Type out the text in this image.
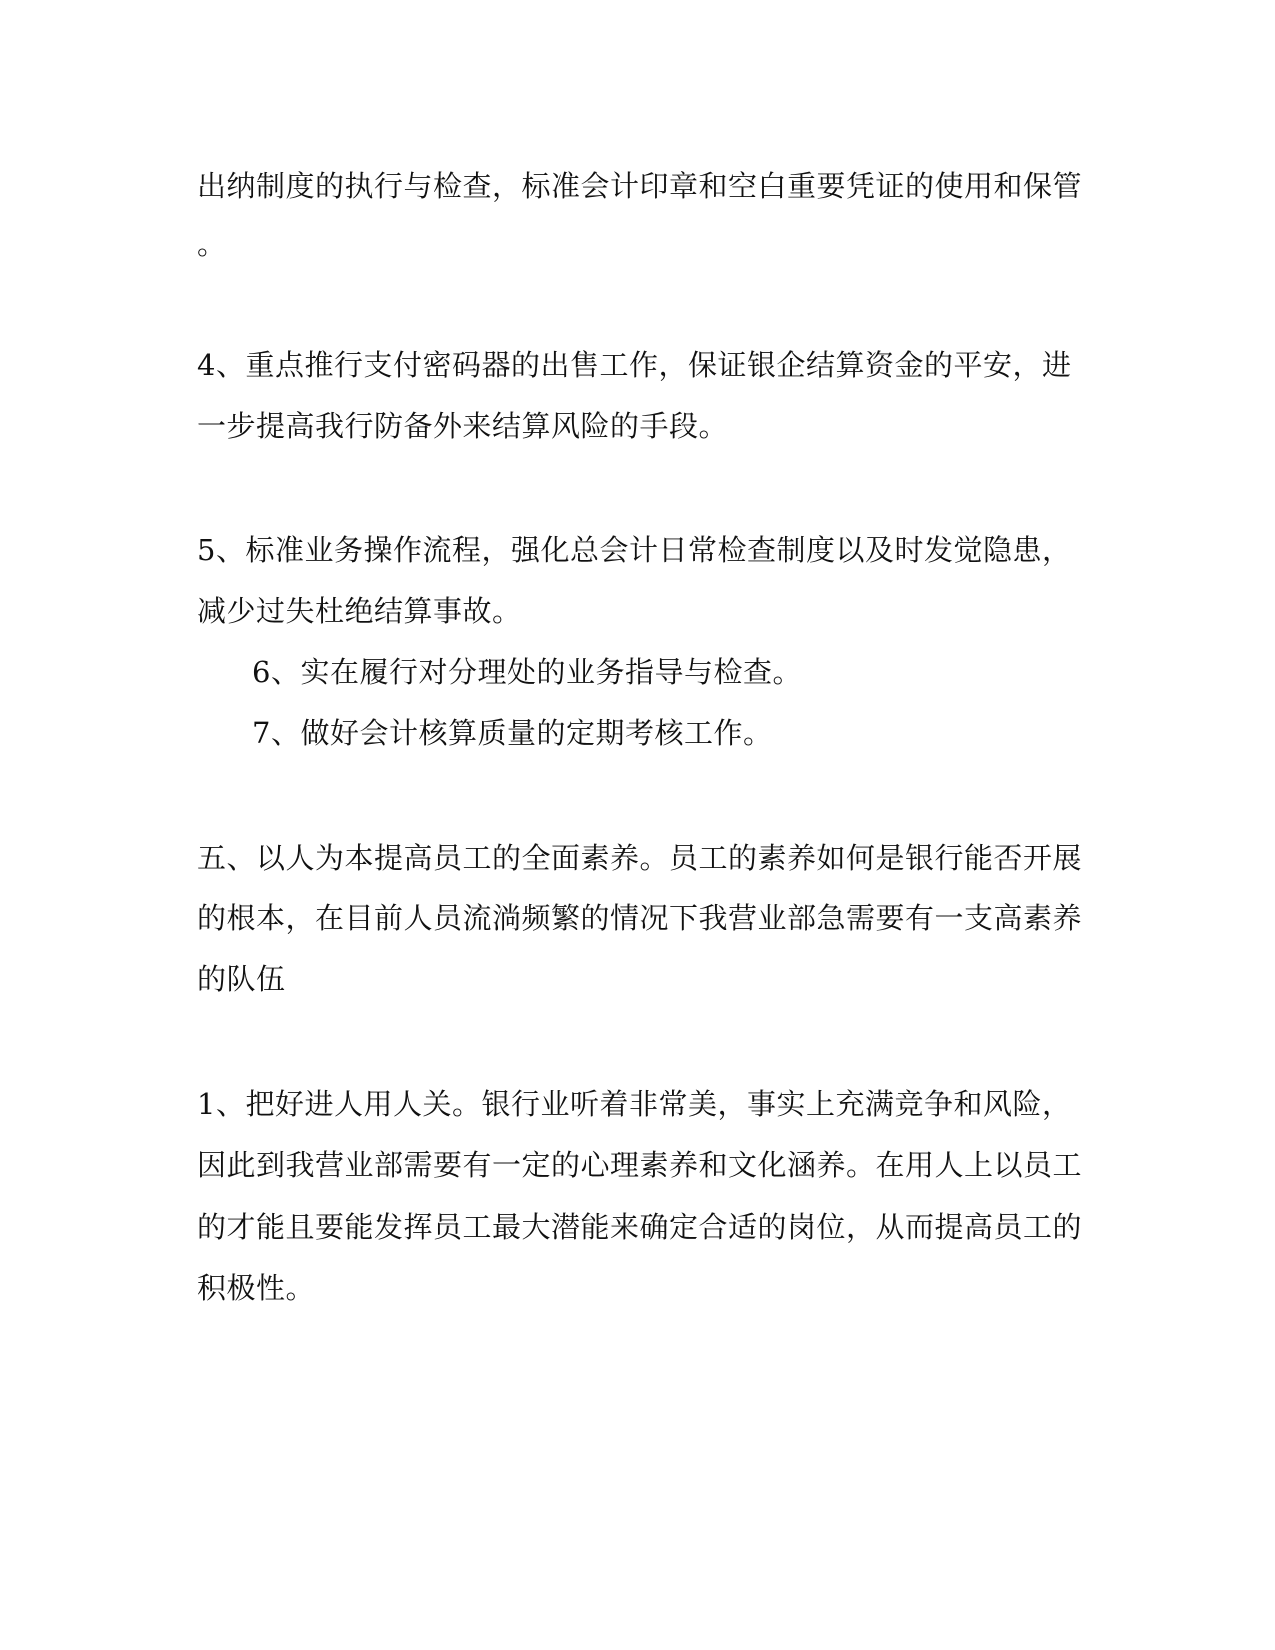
出纳制度的执行与检查，标准会计印章和空白重要凭证的使用和保管
。
4、重点推行支付密码器的出售工作，保证银企结算资金的平安，进
一步提高我行防备外来结算风险的手段。
5、标准业务操作流程，强化总会计日常检查制度以及时发觉隐患，
减少过失杜绝结算事故。
6、实在履行对分理处的业务指导与检查。
7、做好会计核算质量的定期考核工作。
五、以人为本提高员工的全面素养。员工的素养如何是银行能否开展
的根本，在目前人员流淌频繁的情况下我营业部急需要有一支高素养
的队伍
1、把好进人用人关。银行业听着非常美，事实上充满竞争和风险，
因此到我营业部需要有一定的心理素养和文化涵养。在用人上以员工
的才能且要能发挥员工最大潜能来确定合适的岗位，从而提高员工的
积极性。
